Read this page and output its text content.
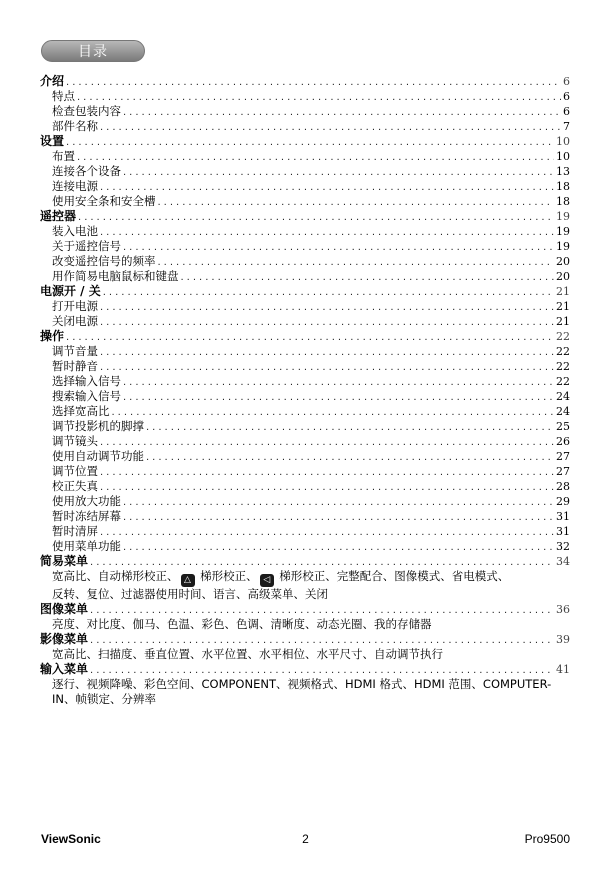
目录
介绍 .....	6
特点 .....	6
检查包装内容 .....	6
部件名称 .....	7
设置 .....	10
布置 .....	10
连接各个设备 .....	13
连接电源 .....	18
使用安全条和安全槽 .....	18
遥控器 .....	19
装入电池 .....	19
关于遥控信号 .....	19
改变遥控信号的频率 .....	20
用作简易电脑鼠标和键盘 .....	20
电源开 / 关 .....	21
打开电源 .....	21
关闭电源 .....	21
操作 .....	22
调节音量 .....	22
暂时静音 .....	22
选择输入信号 .....	22
搜索输入信号 .....	24
选择宽高比 .....	24
调节投影机的脚撑 .....	25
调节镜头 .....	26
使用自动调节功能 .....	27
调节位置 .....	27
校正失真 .....	28
使用放大功能 .....	29
暂时冻结屏幕 .....	31
暂时清屏 .....	31
使用菜单功能 .....	32
简易菜单 .....	34
宽高比、自动梯形校正、 △ 梯形校正、 ◁ 梯形校正、完整配合、图像模式、省电模式、
反转、复位、过滤器使用时间、语言、高级菜单、关闭
图像菜单 .....	36
亮度、对比度、伽马、色温、彩色、色调、清晰度、动态光圈、我的存储器
影像菜单 .....	39
宽高比、扫描度、垂直位置、水平位置、水平相位、水平尺寸、自动调节执行
输入菜单 .....	41
逐行、视频降噪、彩色空间、COMPONENT、视频格式、HDMI 格式、HDMI 范围、COMPUTER-
IN、帧锁定、分辨率
ViewSonic	2	Pro9500
